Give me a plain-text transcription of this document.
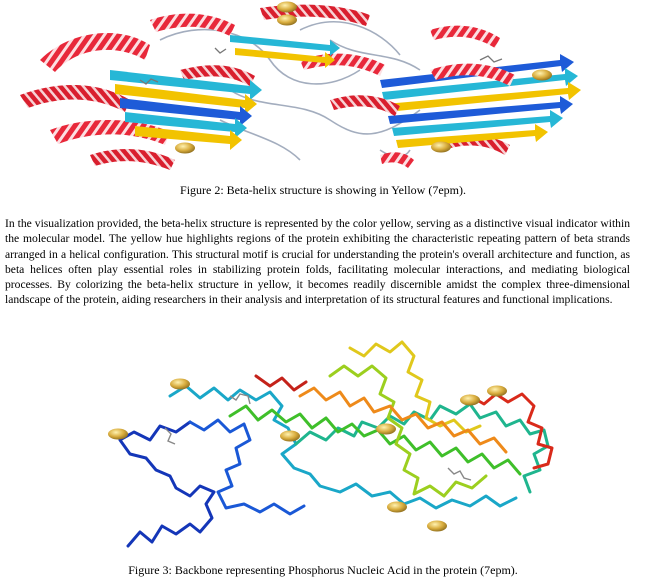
Figure 2: Beta-helix structure is showing in Yellow (7epm).

In the visualization provided, the beta-helix structure is represented by the color yellow, serving as a distinctive visual indicator within the molecular model. The yellow hue highlights regions of the protein exhibiting the characteristic repeating pattern of beta strands arranged in a helical configuration. This structural motif is crucial for understanding the protein's overall architecture and function, as beta helices often play essential roles in stabilizing protein folds, facilitating molecular interactions, and mediating biological processes. By colorizing the beta-helix structure in yellow, it becomes readily discernible amidst the complex three-dimensional landscape of the protein, aiding researchers in their analysis and interpretation of its structural features and functional implications.

Figure 3: Backbone representing Phosphorus Nucleic Acid in the protein (7epm).
